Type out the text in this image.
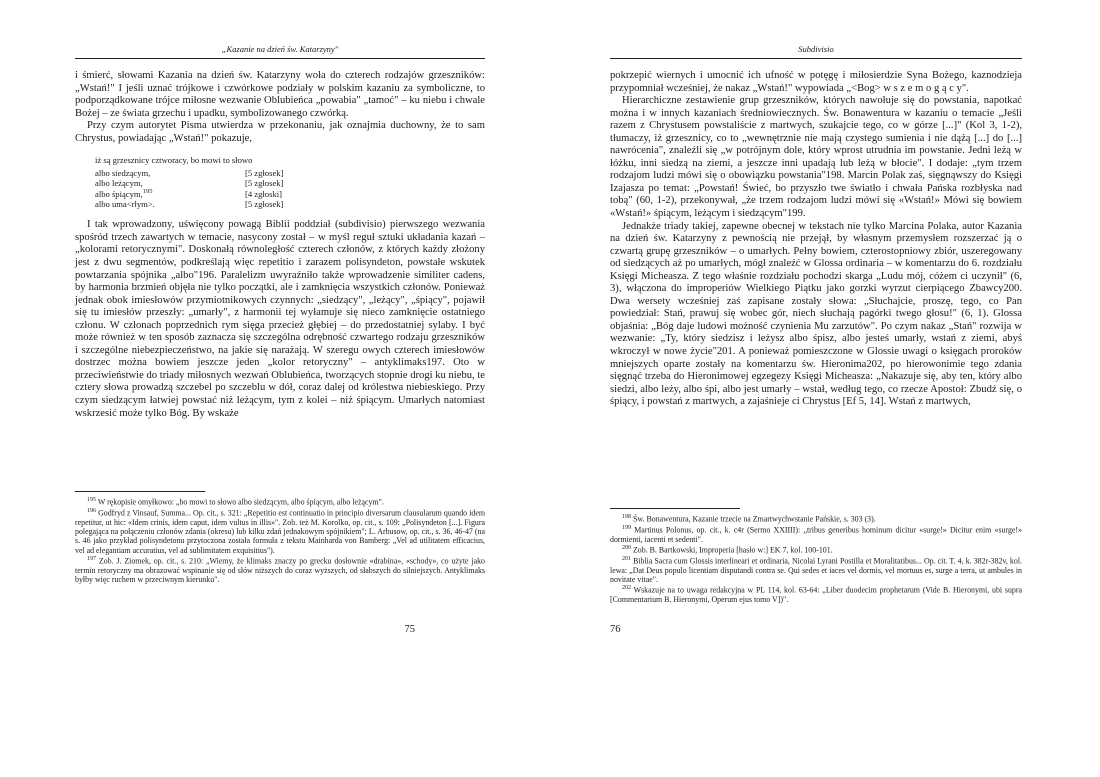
„Kazanie na dzień św. Katarzyny"

i śmierć, słowami Kazania na dzień św. Katarzyny woła do czterech rodzajów grzeszników: „Wstań!" I jeśli uznać trójkowe i czwórkowe podziały w polskim kazaniu za symboliczne, to podporządkowane trójce miłosne wezwanie Oblubieńca „powabia" „tamoć" – ku niebu i chwale Bożej – ze świata grzechu i upadku, symbolizowanego czwórką.

Przy czym autorytet Pisma utwierdza w przekonaniu, jak oznajmia duchowny, że to sam Chrystus, powiadając „Wstań!" pokazuje,

iż są grzesznicy cztworacy, bo mowi to słowo
albo siedzącym,	[5 zgłosek]
albo leżącym,	[5 zgłosek]
albo śpiącym,$^{195}$	[4 zgłoski]
albo uma<rłym>.	[5 zgłosek]

I tak wprowadzony, uświęcony powagą Biblii poddział (subdivisio) pierwszego wezwania spośród trzech zawartych w temacie, nasycony został – w myśl reguł sztuki układania kazań – „kolorami retorycznymi". Doskonałą równoległość czterech członów, z których każdy złożony jest z dwu segmentów, podkreślają więc repetitio i zarazem polisyndeton, powstałe wskutek powtarzania spójnika „albo"196. Paralelizm uwyraźniło także wprowadzenie similiter cadens, by harmonia brzmień objęła nie tylko początki, ale i zamknięcia wszystkich członów. Ponieważ jednak obok imiesłowów przymiotnikowych czynnych: „siedzący", „leżący", „śpiący", pojawił się tu imiesłów przeszły: „umarły", z harmonii tej wyłamuje się nieco zamknięcie ostatniego członu. W członach poprzednich rym sięga przecież głębiej – do przedostatniej sylaby. I być może również w ten sposób zaznacza się szczególna odrębność czwartego rodzaju grzeszników i szczególne niebezpieczeństwo, na jakie się narażają. W szeregu owych czterech imiesłowów dostrzec można bowiem jeszcze jeden „kolor retoryczny" – antyklimaks197. Oto w przeciwieństwie do triady miłosnych wezwań Oblubieńca, tworzących stopnie drogi ku niebu, te cztery słowa prowadzą szczebel po szczeblu w dół, coraz dalej od królestwa niebieskiego. Przy czym siedzącym łatwiej powstać niż leżącym, tym z kolei – niż śpiącym. Umarłych natomiast wskrzesić może tylko Bóg. By wskaże

$^{195}$ W rękopisie omyłkowo: „bo mowi to słowo albo siedzącym, albo śpiącym, albo leżącym".

$^{196}$ Godfryd z Vinsauf, Summa... Op. cit., s. 321: „Repetitio est continuatio in principio diversarum clausularum quando idem repetitur, ut hic: «Idem crinis, idem caput, idem vultus in illis»". Zob. też M. Korolko, op. cit., s. 109: „Polisyndeton [...]. Figura polegająca na połączeniu członów zdania (okresu) lub kilku zdań jednakowym spójnikiem"; L. Arbusow, op. cit., s. 36, 46-47 (na s. 46 jako przykład polisyndetonu przytoczona została formuła z tekstu Mainharda von Bamberg: „Vel ad utilitatem efficacius, vel ad elegantiam accuratius, vel ad sublimitatem exquisitius").

$^{197}$ Zob. J. Ziomek, op. cit., s. 210: „Wiemy, że klimaks znaczy po grecku dosłownie «drabina», «schody», co użyte jako termin retoryczny ma obrazować wspinanie się od słów niższych do coraz wyższych, od słabszych do silniejszych. Antyklimaks byłby więc ruchem w przeciwnym kierunku".

75
Subdivisio

pokrzepić wiernych i umocnić ich ufność w potęgę i miłosierdzie Syna Bożego, kaznodzieja przypomniał wcześniej, że nakaz „Wstań!" wypowiada „<Bog> w s z e m o g ą c y".

Hierarchiczne zestawienie grup grzeszników, których nawołuje się do powstania, napotkać można i w innych kazaniach średniowiecznych. Św. Bonawentura w kazaniu o temacie „Jeśli razem z Chrystusem powstaliście z martwych, szukajcie tego, co w górze [...]" (Kol 3, 1-2), tłumaczy, iż grzesznicy, co to „wewnętrznie nie mają czystego sumienia i nie dążą [...] do [...] nawrócenia", znaleźli się „w potrójnym dole, który wprost utrudnia im powstanie. Jedni leżą w łóżku, inni siedzą na ziemi, a jeszcze inni upadają lub leżą w błocie". I dodaje: „tym trzem rodzajom ludzi mówi się o obowiązku powstania"198. Marcin Polak zaś, sięgnąwszy do Księgi Izajasza po temat: „Powstań! Świeć, bo przyszło twe światło i chwała Pańska rozbłyska nad tobą" (60, 1-2), przekonywał, „że trzem rodzajom ludzi mówi się «Wstań!» Mówi się bowiem «Wstań!» śpiącym, leżącym i siedzącym"199.

Jednakże triady takiej, zapewne obecnej w tekstach nie tylko Marcina Polaka, autor Kazania na dzień św. Katarzyny z pewnością nie przejął, by własnym przemysłem rozszerzać ją o czwartą grupę grzeszników – o umarłych. Pełny bowiem, czterostopniowy zbiór, uszeregowany od siedzących aż po umarłych, mógł znaleźć w Glossa ordinaria – w komentarzu do 6. rozdziału Księgi Micheasza. Z tego właśnie rozdziału pochodzi skarga „Ludu mój, cóżem ci uczynił" (6, 3), włączona do improperiów Wielkiego Piątku jako gorzki wyrzut cierpiącego Zbawcy200. Dwa wersety wcześniej zaś zapisane zostały słowa: „Słuchajcie, proszę, tego, co Pan powiedział: Stań, prawuj się wobec gór, niech słuchają pagórki twego głosu!" (6, 1). Glossa objaśnia: „Bóg daje ludowi możność czynienia Mu zarzutów". Po czym nakaz „Stań" rozwija w wezwanie: „Ty, który siedzisz i leżysz albo śpisz, albo jesteś umarły, wstań z ziemi, abyś wkroczył w nowe życie"201. A ponieważ pomieszczone w Glossie uwagi o księgach proroków mniejszych oparte zostały na komentarzu św. Hieronima202, po hierowonimie tego zdania sięgnąć trzeba do Hieronimowej egzegezy Księgi Micheasza: „Nakazuje się, aby ten, który albo siedzi, albo leży, albo śpi, albo jest umarły – wstał, według tego, co rzecze Apostoł: Zbudź się, o śpiący, i powstań z martwych, a zajaśnieje ci Chrystus [Ef 5, 14]. Wstań z martwych,

$^{198}$ Św. Bonawentura, Kazanie trzecie na Zmartwychwstanie Pańskie, s. 303 (3).

$^{199}$ Martinus Polonus, op. cit., k. c4r (Sermo XXIIII): „tribus generibus hominum dicitur «surge!» Dicitur enim «surge!» dormienti, iacenti et sedenti".

$^{200}$ Zob. B. Bartkowski, Improperia [hasło w:] EK 7, kol. 100-101.

$^{201}$ Biblia Sacra cum Glossis interlineari et ordinaria, Nicolai Lyrani Postilla et Moralitatibus... Op. cit. T. 4, k. 382r-382v, kol. lewa: „Dat Deus populo licentiam disputandi contra se. Qui sedes et iaces vel dormis, vel mortuus es, surge a terra, ut ambules in novitate vitae".

$^{202}$ Wskazuje na to uwaga redakcyjna w PL 114, kol. 63-64: „Liber duodecim prophetarum (Vide B. Hieronymi, ubi supra [Commentarium B. Hieronymi, Operum ejus tomo V])".

76
